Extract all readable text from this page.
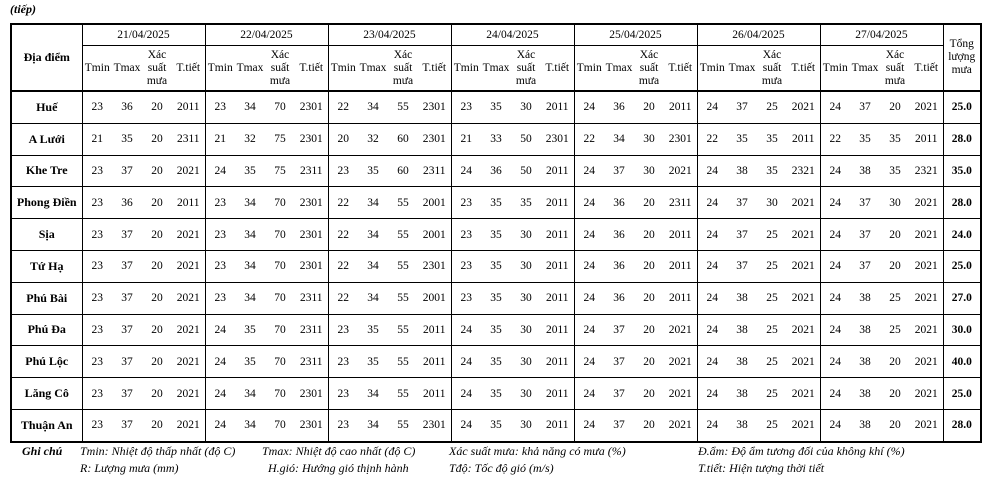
(tiếp)
Địa điểm	21/04/2025				22/04/2025				23/04/2025				24/04/2025				25/04/2025				26/04/2025				27/04/2025				Tổng lượng mưa
	Tmin	Tmax	Xác suất mưa	T.tiết	Tmin	Tmax	Xác suất mưa	T.tiết	Tmin	Tmax	Xác suất mưa	T.tiết	Tmin	Tmax	Xác suất mưa	T.tiết	Tmin	Tmax	Xác suất mưa	T.tiết	Tmin	Tmax	Xác suất mưa	T.tiết	Tmin	Tmax	Xác suất mưa	T.tiết	
Huế	23	36	20	2011	23	34	70	2301	22	34	55	2301	23	35	30	2011	24	36	20	2011	24	37	25	2021	24	37	20	2021	25.0
A Lưới	21	35	20	2311	21	32	75	2301	20	32	60	2301	21	33	50	2301	22	34	30	2301	22	35	35	2011	22	35	35	2011	28.0
Khe Tre	23	37	20	2021	24	35	75	2311	23	35	60	2311	24	36	50	2011	24	37	30	2021	24	38	35	2321	24	38	35	2321	35.0
Phong Điền	23	36	20	2011	23	34	70	2301	22	34	55	2001	23	35	35	2011	24	36	20	2311	24	37	30	2021	24	37	30	2021	28.0
Sịa	23	37	20	2021	23	34	70	2301	22	34	55	2001	23	35	30	2011	24	36	20	2011	24	37	25	2021	24	37	20	2021	24.0
Tứ Hạ	23	37	20	2021	23	34	70	2301	22	34	55	2301	23	35	30	2011	24	36	20	2011	24	37	25	2021	24	37	20	2021	25.0
Phú Bài	23	37	20	2021	23	34	70	2311	22	34	55	2001	23	35	30	2011	24	36	20	2011	24	38	25	2021	24	38	25	2021	27.0
Phú Đa	23	37	20	2021	24	35	70	2311	23	35	55	2011	24	35	30	2011	24	37	20	2021	24	38	25	2021	24	38	25	2021	30.0
Phú Lộc	23	37	20	2021	24	35	70	2311	23	35	55	2011	24	35	30	2011	24	37	20	2021	24	38	25	2021	24	38	20	2021	40.0
Lăng Cô	23	37	20	2021	24	34	70	2301	23	34	55	2011	24	35	30	2011	24	37	20	2021	24	38	25	2021	24	38	20	2021	25.0
Thuận An	23	37	20	2021	24	34	70	2301	23	34	55	2301	24	35	30	2011	24	37	20	2021	24	38	25	2021	24	38	20	2021	28.0
Ghi chú Tmin: Nhiệt độ thấp nhất (độ C) Tmax: Nhiệt độ cao nhất (độ C)	Xác suất mưa: khả năng có mưa (%)	Đ.ẩm: Độ ẩm tương đối của không khí (%)
R: Lượng mưa (mm)	H.gió: Hướng gió thịnh hành	Tđộ: Tốc độ gió (m/s)	T.tiết: Hiện tượng thời tiết
